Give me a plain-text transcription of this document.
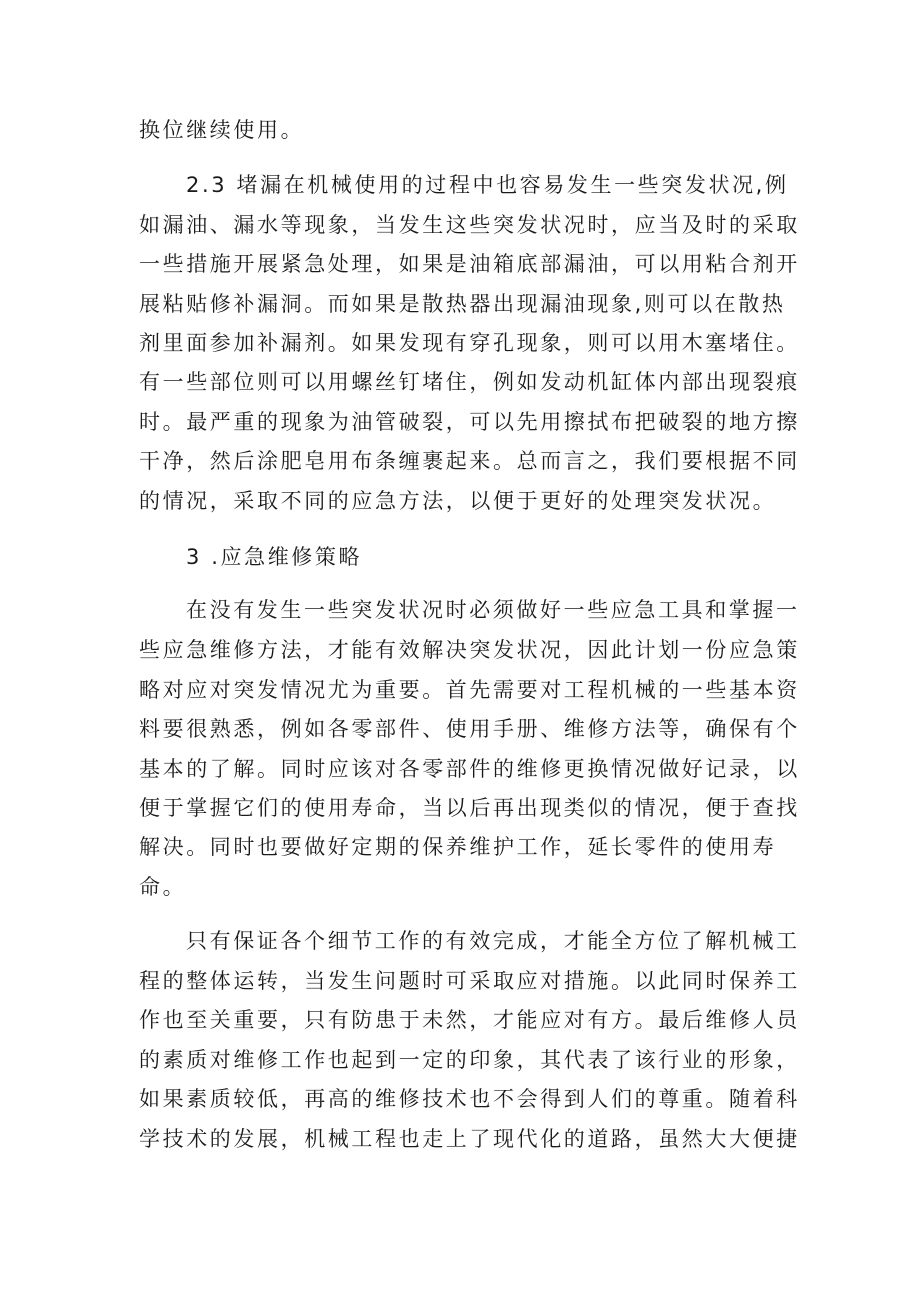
换位继续使用。
2.3 堵漏在机械使用的过程中也容易发生一些突发状况,例
如漏油、漏水等现象，当发生这些突发状况时，应当及时的采取
一些措施开展紧急处理，如果是油箱底部漏油，可以用粘合剂开
展粘贴修补漏洞。而如果是散热器出现漏油现象,则可以在散热
剂里面参加补漏剂。如果发现有穿孔现象，则可以用木塞堵住。
有一些部位则可以用螺丝钉堵住，例如发动机缸体内部出现裂痕
时。最严重的现象为油管破裂，可以先用擦拭布把破裂的地方擦
干净，然后涂肥皂用布条缠裹起来。总而言之，我们要根据不同
的情况，采取不同的应急方法，以便于更好的处理突发状况。
3 .应急维修策略
在没有发生一些突发状况时必须做好一些应急工具和掌握一
些应急维修方法，才能有效解决突发状况，因此计划一份应急策
略对应对突发情况尤为重要。首先需要对工程机械的一些基本资
料要很熟悉，例如各零部件、使用手册、维修方法等，确保有个
基本的了解。同时应该对各零部件的维修更换情况做好记录，以
便于掌握它们的使用寿命，当以后再出现类似的情况，便于查找
解决。同时也要做好定期的保养维护工作，延长零件的使用寿
命。
只有保证各个细节工作的有效完成，才能全方位了解机械工
程的整体运转，当发生问题时可采取应对措施。以此同时保养工
作也至关重要，只有防患于未然，才能应对有方。最后维修人员
的素质对维修工作也起到一定的印象，其代表了该行业的形象，
如果素质较低，再高的维修技术也不会得到人们的尊重。随着科
学技术的发展，机械工程也走上了现代化的道路，虽然大大便捷
